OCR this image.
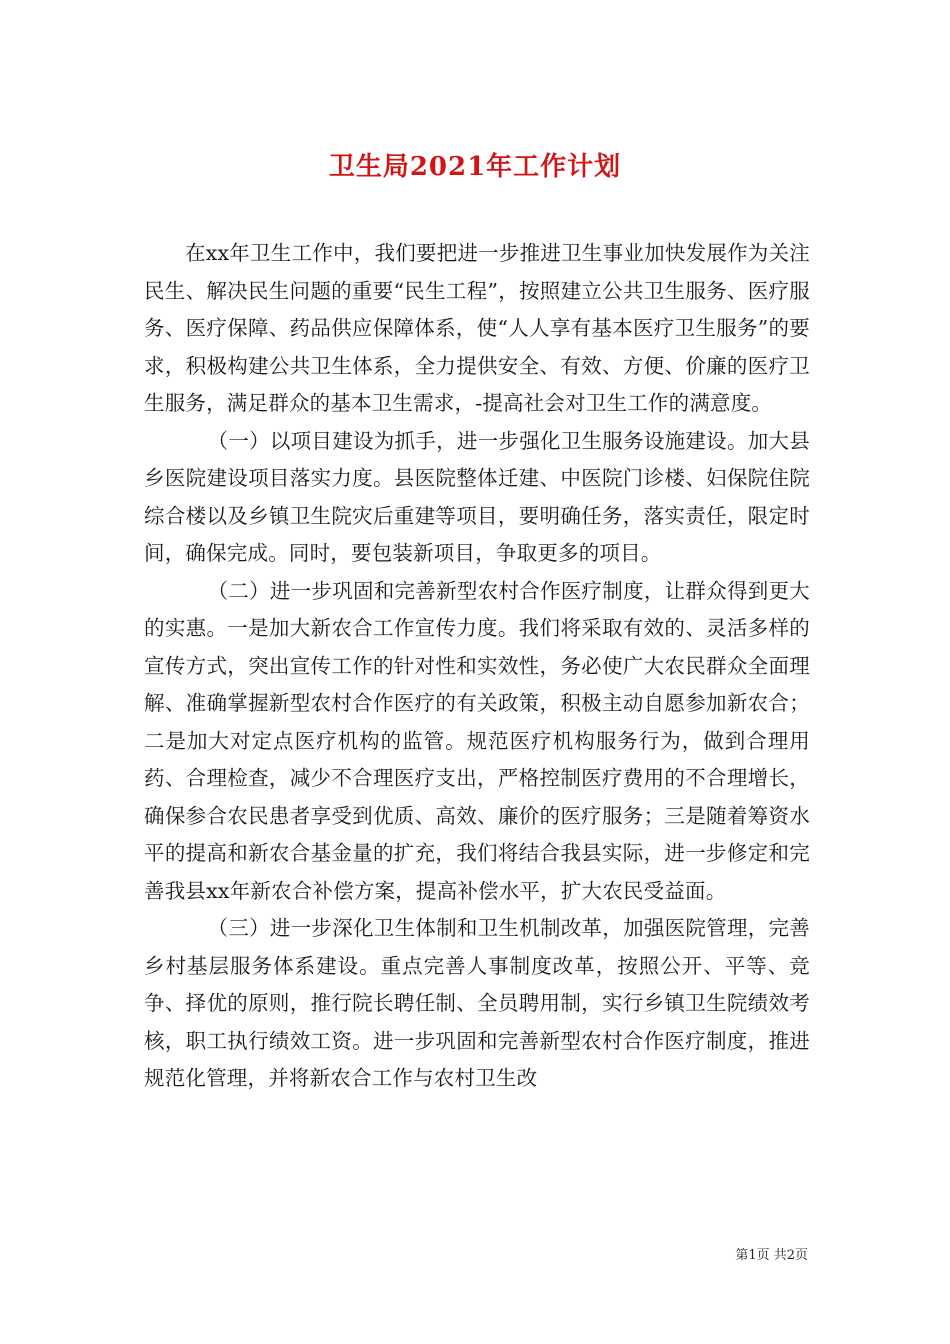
卫生局2021年工作计划

在xx年卫生工作中，我们要把进一步推进卫生事业加快发展作为关注民生、解决民生问题的重要“民生工程”，按照建立公共卫生服务、医疗服务、医疗保障、药品供应保障体系，使“人人享有基本医疗卫生服务”的要求，积极构建公共卫生体系，全力提供安全、有效、方便、价廉的医疗卫生服务，满足群众的基本卫生需求，-提高社会对卫生工作的满意度。

（一）以项目建设为抓手，进一步强化卫生服务设施建设。加大县乡医院建设项目落实力度。县医院整体迁建、中医院门诊楼、妇保院住院综合楼以及乡镇卫生院灾后重建等项目，要明确任务，落实责任，限定时间，确保完成。同时，要包装新项目，争取更多的项目。

（二）进一步巩固和完善新型农村合作医疗制度，让群众得到更大的实惠。一是加大新农合工作宣传力度。我们将采取有效的、灵活多样的宣传方式，突出宣传工作的针对性和实效性，务必使广大农民群众全面理解、准确掌握新型农村合作医疗的有关政策，积极主动自愿参加新农合；二是加大对定点医疗机构的监管。规范医疗机构服务行为，做到合理用药、合理检查，减少不合理医疗支出，严格控制医疗费用的不合理增长，确保参合农民患者享受到优质、高效、廉价的医疗服务；三是随着筹资水平的提高和新农合基金量的扩充，我们将结合我县实际，进一步修定和完善我县xx年新农合补偿方案，提高补偿水平，扩大农民受益面。

（三）进一步深化卫生体制和卫生机制改革，加强医院管理，完善乡村基层服务体系建设。重点完善人事制度改革，按照公开、平等、竞争、择优的原则，推行院长聘任制、全员聘用制，实行乡镇卫生院绩效考核，职工执行绩效工资。进一步巩固和完善新型农村合作医疗制度，推进规范化管理，并将新农合工作与农村卫生改

第1页 共2页
